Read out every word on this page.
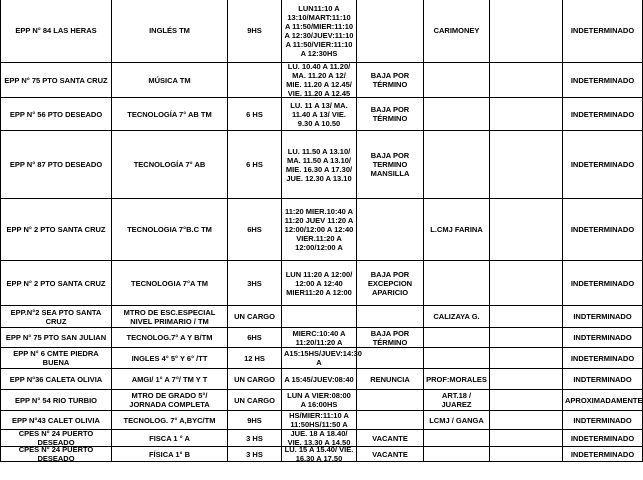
EPP N° 84 LAS HERAS	INGLÉS TM	9HS	LUN11:10 A 13:10/MART:11:10 A 11:50/MIER:11:10 A 12:30/JUEV:11:10 A 11:50/VIER:11:10 A 12:30HS		CARIMONEY		INDETERMINADO

EPP N° 75 PTO SANTA CRUZ	MÚSICA TM		LU. 10.40 A 11.20/ MA. 11.20 A 12/ MIE. 11.20 A 12.45/ VIE. 11.20 A 12.45	BAJA POR TÉRMINO			INDETERMINADO

EPP N° 56 PTO DESEADO	TECNOLOGÍA 7° AB TM	6 HS	LU. 11 A 13/ MA. 11.40 A 13/ VIE. 9.30 A 10.50	BAJA POR TÉRMINO			INDETERMINADO

EPP N° 87 PTO DESEADO	TECNOLOGÍA 7° AB	6 HS	LU. 11.50 A 13.10/ MA. 11.50 A 13.10/ MIE. 16.30 A 17.30/ JUE. 12.30 A 13.10	BAJA POR TERMINO MANSILLA			INDETERMINADO

EPP N° 2 PTO SANTA CRUZ	TECNOLOGIA 7°B.C TM	6HS	11:20 MIER.10:40 A 11:20 JUEV 11:20 A 12:00/12:00 A 12:40 VIER.11:20 A 12:00/12:00 A		L.CMJ FARINA		INDETERMINADO

EPP N° 2 PTO SANTA CRUZ	TECNOLOGIA 7°A TM	3HS	LUN 11:20 A 12:00/ 12:00 A 12:40 MIER11:20 A 12:00	BAJA POR EXCEPCION APARICIO			INDETERMINADO

EPP.N°2 SEA PTO SANTA CRUZ	MTRO DE ESC.ESPECIAL NIVEL PRIMARIO / TM	UN CARGO			CALIZAYA G.		INDTERMINADO

EPP N° 75 PTO SAN JULIAN	TECNOLOG.7° A Y B/TM	6HS	MIERC:10:40 A 11:20/11:20 A	BAJA POR TÉRMINO			INDTERMINADO

EPP N° 6 CMTE PIEDRA BUENA	INGLES 4° 5° Y 6° /TT	12 HS	A15:15HS/JUEV:14:30 A				INDETERMINADO

EPP N°36 CALETA OLIVIA	AMGI/ 1° A 7°/ TM Y T	UN CARGO	A 15:45/JUEV:08:40	RENUNCIA	PROF:MORALES		INDTERMINADO

EPP N° 54 RIO TURBIO	MTRO DE GRADO 5°/ JORNADA COMPLETA	UN CARGO	LUN A VIER:08:00 A 16:00HS		ART.18 / JUAREZ		APROXIMADAMENTE

EPP N°43 CALET OLIVIA	TECNOLOG. 7° A,BYC/TM	9HS	HS/MIER:11:10 A 11:50HS/11:50 A		LCMJ / GANGA		INDTERMINADO

CPES N° 24 PUERTO DESEADO	FISCA 1 ° A	3 HS	JUE. 18 A 18.40/ VIE. 13.30 A 14.50	VACANTE			INDETERMINADO

CPES N° 24 PUERTO DESEADO	FÍSICA 1° B	3 HS	LU. 15 A 15.40/ VIE. 16.30 A 17.50	VACANTE			INDETERMINADO
